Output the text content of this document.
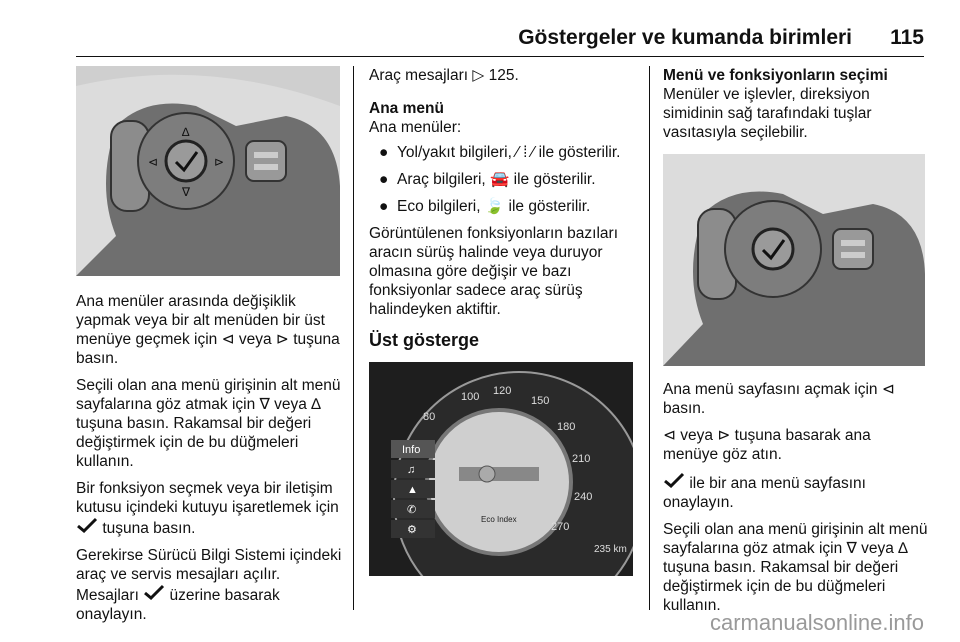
Göstergeler ve kumanda birimleri 115
∆
∇
⊲	⊳

Ana menüler arasında değişiklik yapmak veya bir alt menüden bir üst menüye geçmek için ⊲ veya ⊳ tuşuna basın.

Seçili olan ana menü girişinin alt menü sayfalarına göz atmak için ∇ veya ∆ tuşuna basın. Rakamsal bir değeri değiştirmek için de bu düğmeleri kullanın.

Bir fonksiyon seçmek veya bir iletişim kutusu içindeki kutuyu işaretlemek için  tuşuna basın.

Gerekirse Sürücü Bilgi Sistemi içindeki araç ve servis mesajları açılır. Mesajları üzerine basarak onaylayın.

Araç mesajları ▷ 125.

Ana menü

Ana menüler:

● Yol/yakıt bilgileri, ⁄ ⁞ ⁄ ile gösterilir.
● Araç bilgileri, 🚘 ile gösterilir.
● Eco bilgileri, 🍃 ile gösterilir.

Görüntülenen fonksiyonların bazıları aracın sürüş halinde veya duruyor olmasına göre değişir ve bazı fonksiyonlar sadece araç sürüş halindeyken aktiftir.

Üst gösterge
80
100 120
150
180
210
240
270
Info
♫
▲
✆
⚙
Eco Index
235 km
Menü ve fonksiyonların seçimi

Menüler ve işlevler, direksiyon simidinin sağ tarafındaki tuşlar vasıtasıyla seçilebilir.

Ana menü sayfasını açmak için ⊲ basın.

⊲ veya ⊳ tuşuna basarak ana menüye göz atın.

ile bir ana menü sayfasını onaylayın.

Seçili olan ana menü girişinin alt menü sayfalarına göz atmak için ∇ veya ∆ tuşuna basın. Rakamsal bir değeri değiştirmek için de bu düğmeleri kullanın.

carmanualsonline.info
